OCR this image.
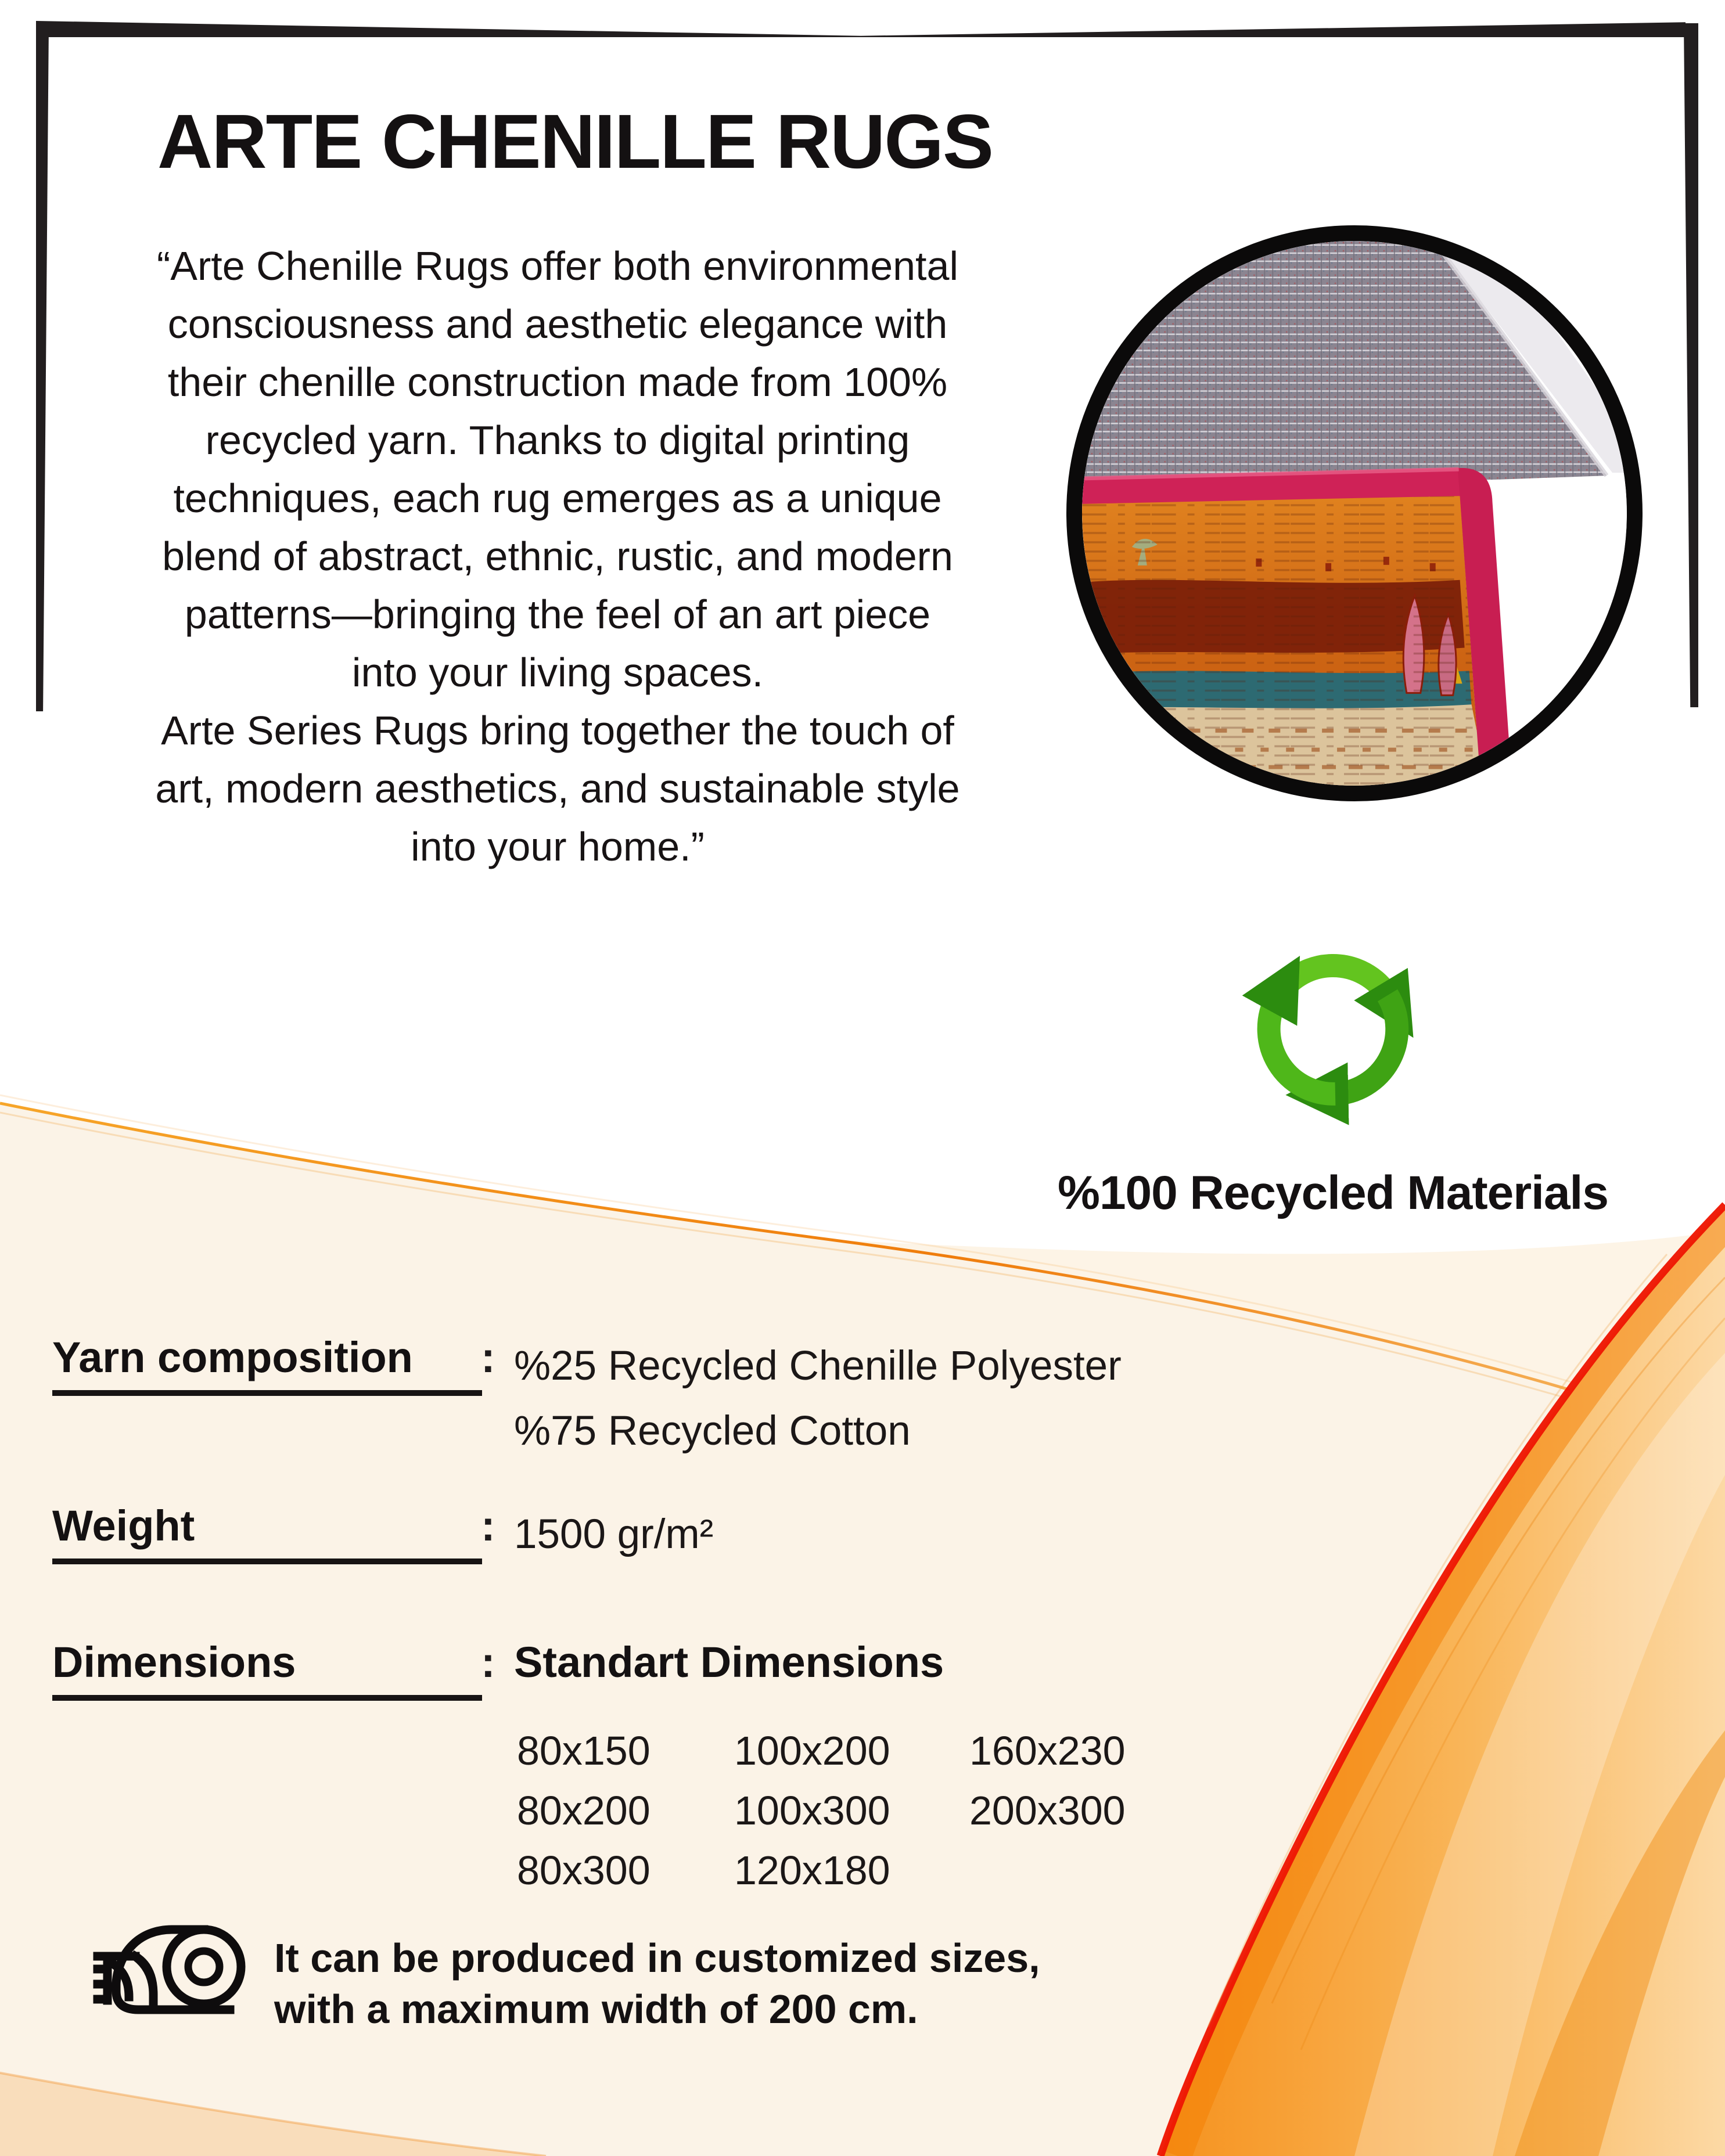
ARTE CHENILLE RUGS
“Arte Chenille Rugs offer both environmental
consciousness and aesthetic elegance with
their chenille construction made from 100%
recycled yarn. Thanks to digital printing
techniques, each rug emerges as a unique
blend of abstract, ethnic, rustic, and modern
patterns—bringing the feel of an art piece
into your living spaces.
Arte Series Rugs bring together the touch of
art, modern aesthetics, and sustainable style
into your home.”
%100 Recycled Materials
Yarn composition : %25 Recycled Chenille Polyester
%75 Recycled Cotton
Weight	: 1500 gr/m²
Dimensions	: Standart Dimensions
80x150	100x200	160x230
80x200	100x300	200x300
80x300	120x180
It can be produced in customized sizes,
with a maximum width of 200 cm.
